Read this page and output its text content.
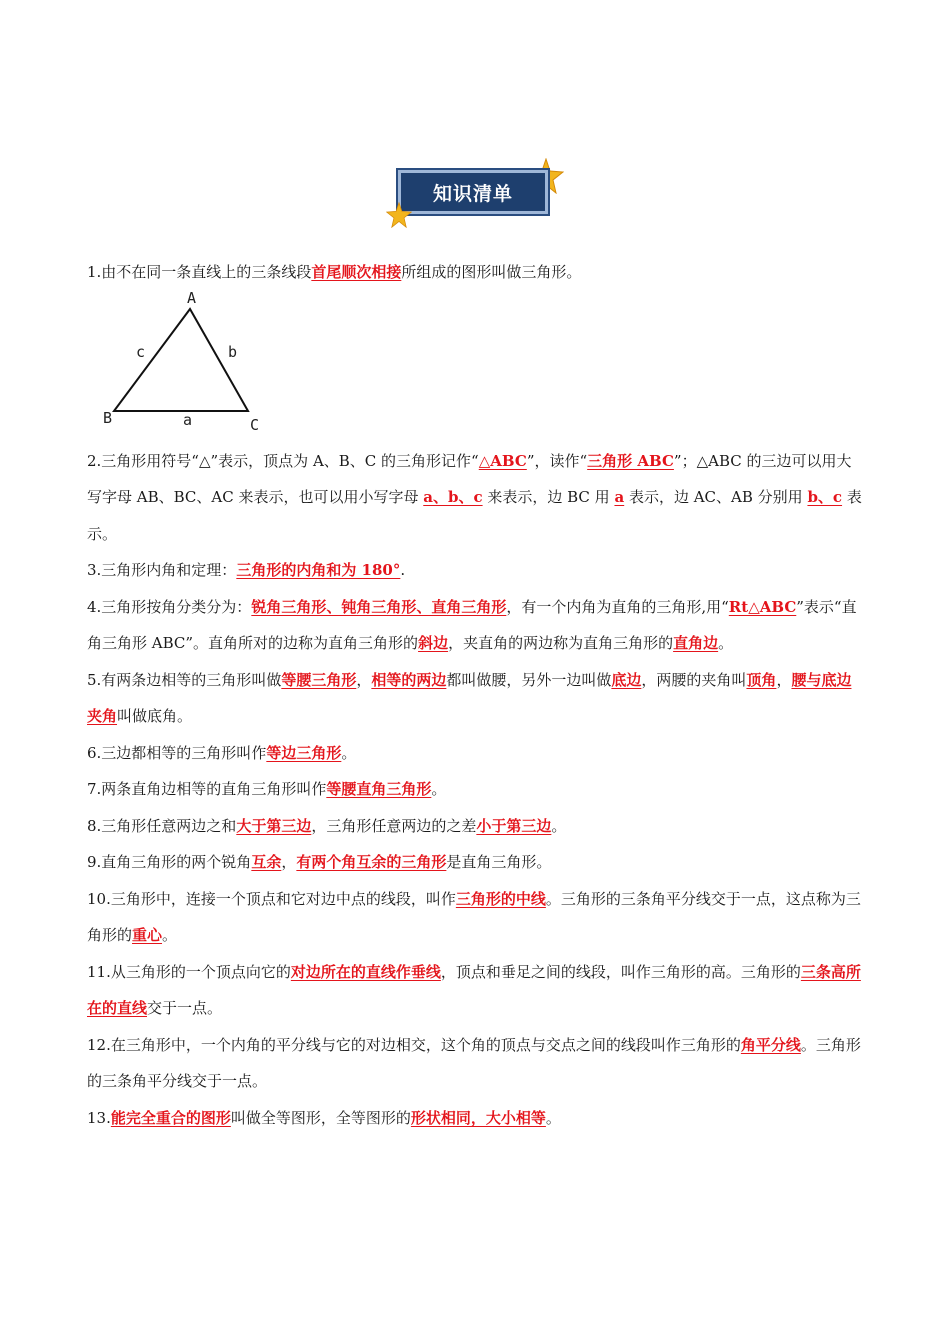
知识清单

1.由不在同一条直线上的三条线段首尾顺次相接所组成的图形叫做三角形。

A
c	b
B	a	C

2.三角形用符号“△”表示，顶点为 A、B、C 的三角形记作“△ABC”，读作“三角形 ABC”；△ABC 的三边可以用大写字母 AB、BC、AC 来表示，也可以用小写字母 a、b、c 来表示，边 BC 用 a 表示，边 AC、AB 分别用 b、c 表示。

3.三角形内角和定理：三角形的内角和为 180°.

4.三角形按角分类分为：锐角三角形、钝角三角形、直角三角形，有一个内角为直角的三角形,用“Rt△ABC”表示“直角三角形 ABC”。直角所对的边称为直角三角形的斜边，夹直角的两边称为直角三角形的直角边。

5.有两条边相等的三角形叫做等腰三角形，相等的两边都叫做腰，另外一边叫做底边，两腰的夹角叫顶角，腰与底边夹角叫做底角。

6.三边都相等的三角形叫作等边三角形。

7.两条直角边相等的直角三角形叫作等腰直角三角形。

8.三角形任意两边之和大于第三边，三角形任意两边的之差小于第三边。

9.直角三角形的两个锐角互余，有两个角互余的三角形是直角三角形。

10.三角形中，连接一个顶点和它对边中点的线段，叫作三角形的中线。三角形的三条角平分线交于一点，这点称为三角形的重心。

11.从三角形的一个顶点向它的对边所在的直线作垂线，顶点和垂足之间的线段，叫作三角形的高。三角形的三条高所在的直线交于一点。

12.在三角形中，一个内角的平分线与它的对边相交，这个角的顶点与交点之间的线段叫作三角形的角平分线。三角形的三条角平分线交于一点。

13.能完全重合的图形叫做全等图形，全等图形的形状相同，大小相等。
